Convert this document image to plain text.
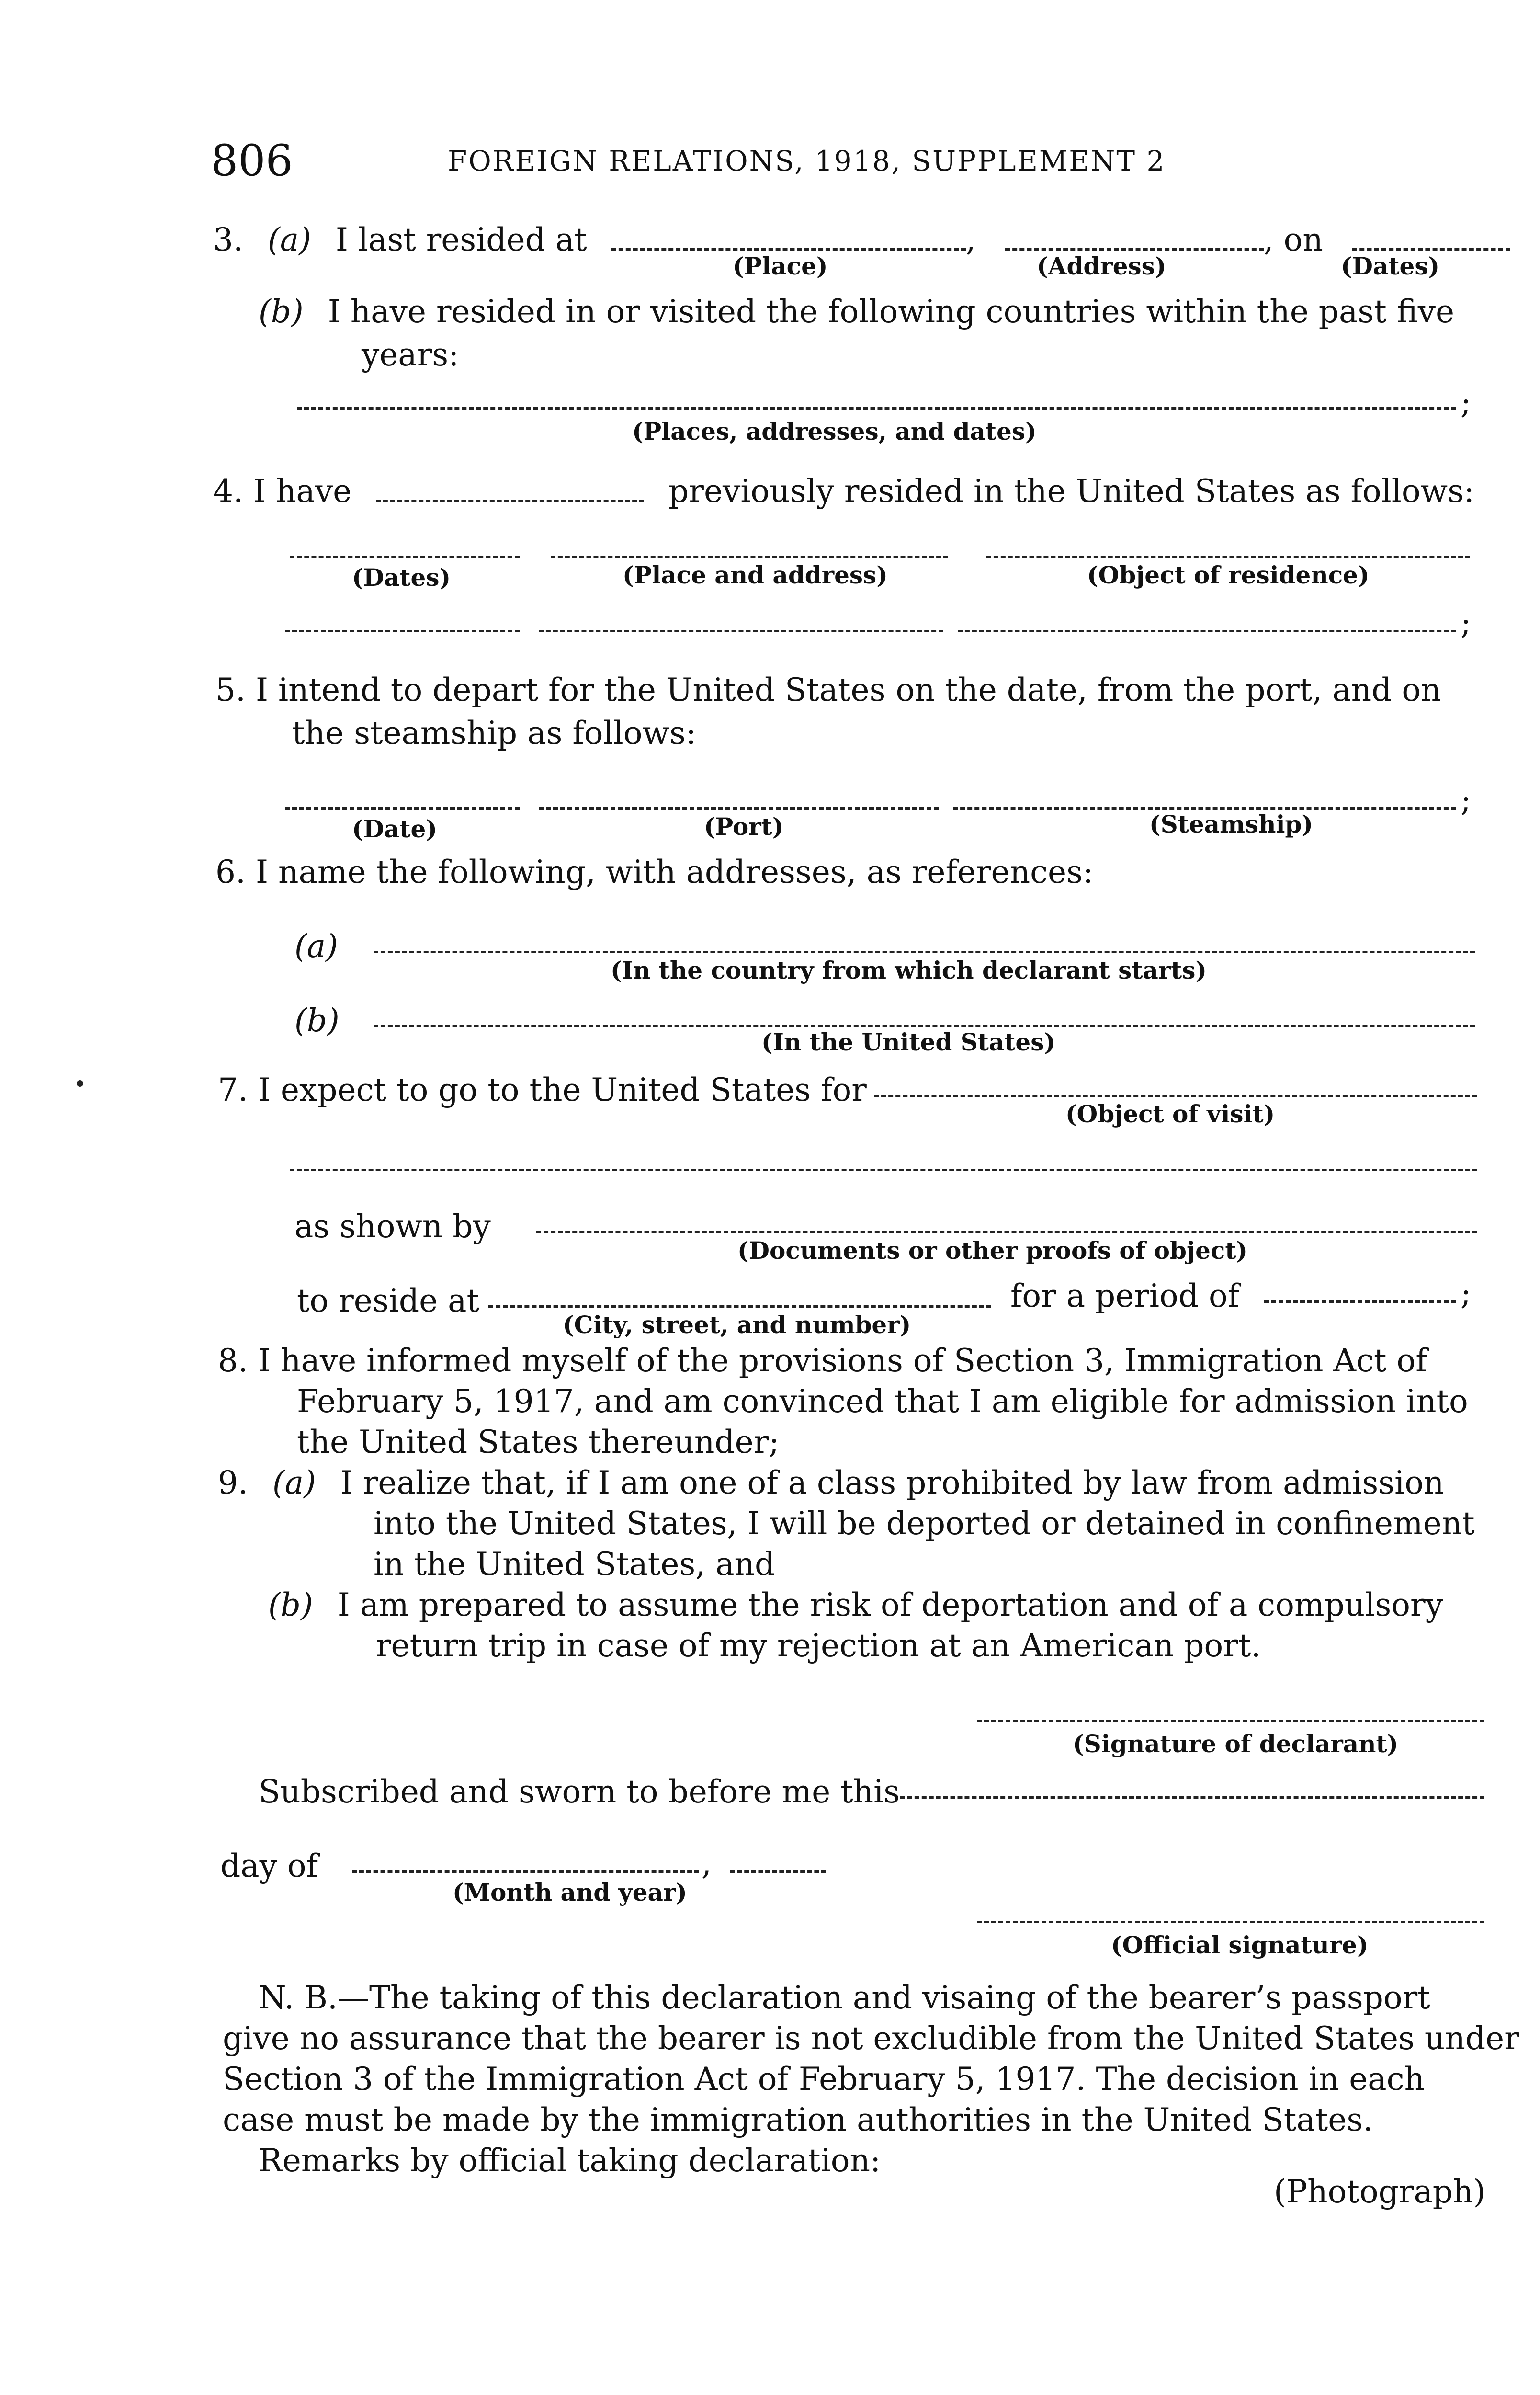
806	FOREIGN RELATIONS, 1918, SUPPLEMENT 2
3. (a) I last resided at	,	, on
(Place)	(Address)	(Dates)
(b) I have resided in or visited the following countries within the past five
years:
;
(Places, addresses, and dates)
4. I have	previously resided in the United States as follows:
(Dates)	(Place and address)	(Object of residence)
;
5. I intend to depart for the United States on the date, from the port, and on
the steamship as follows:
;
(Date)	(Port)	(Steamship)
6. I name the following, with addresses, as references:
(a)
(In the country from which declarant starts)
(b)
(In the United States)
7. I expect to go to the United States for
(Object of visit)
as shown by
(Documents or other proofs of object)
to reside at	for a period of	;
(City, street, and number)
8. I have informed myself of the provisions of Section 3, Immigration Act of
February 5, 1917, and am convinced that I am eligible for admission into
the United States thereunder;
9. (a) I realize that, if I am one of a class prohibited by law from admission
into the United States, I will be deported or detained in confinement
in the United States, and
(b) I am prepared to assume the risk of deportation and of a compulsory
return trip in case of my rejection at an American port.
(Signature of declarant)
Subscribed and sworn to before me this
day of	,
(Month and year)
(Official signature)
N. B.—The taking of this declaration and visaing of the bearer’s passport
give no assurance that the bearer is not excludible from the United States under
Section 3 of the Immigration Act of February 5, 1917. The decision in each
case must be made by the immigration authorities in the United States.
Remarks by official taking declaration:
(Photograph)
